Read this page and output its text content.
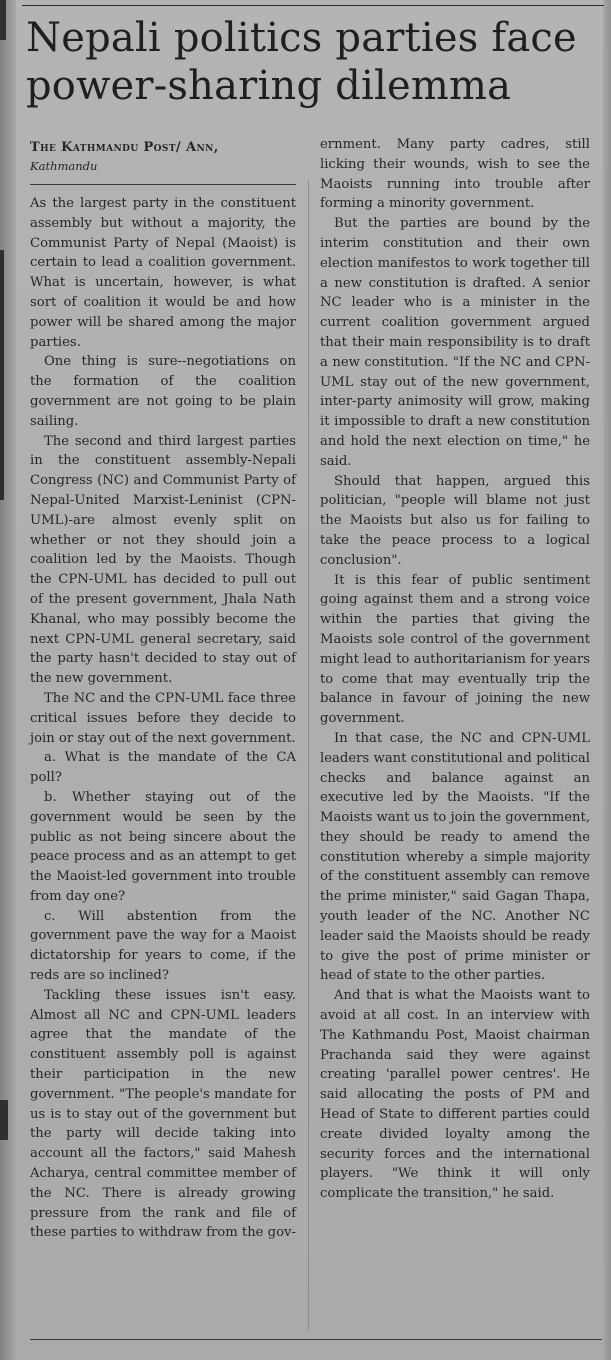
Nepali politics parties face
power-sharing dilemma
The Kathmandu Post/ Ann,
Kathmandu

As the largest party in the constituent assembly but without a majority, the Communist Party of Nepal (Maoist) is certain to lead a coalition government. What is uncertain, however, is what sort of coalition it would be and how power will be shared among the major parties.

One thing is sure--negotiations on the formation of the coalition government are not going to be plain sailing.

The second and third largest parties in the constituent assembly-Nepali Congress (NC) and Communist Party of Nepal-United Marxist-Leninist (CPN-UML)-are almost evenly split on whether or not they should join a coalition led by the Maoists. Though the CPN-UML has decided to pull out of the present government, Jhala Nath Khanal, who may possibly become the next CPN-UML general secretary, said the party hasn't decided to stay out of the new government.

The NC and the CPN-UML face three critical issues before they decide to join or stay out of the next government.

a. What is the mandate of the CA poll?

b. Whether staying out of the government would be seen by the public as not being sincere about the peace process and as an attempt to get the Maoist-led government into trouble from day one?

c. Will abstention from the government pave the way for a Maoist dictatorship for years to come, if the reds are so inclined?

Tackling these issues isn't easy. Almost all NC and CPN-UML leaders agree that the mandate of the constituent assembly poll is against their participation in the new government. "The people's mandate for us is to stay out of the government but the party will decide taking into account all the factors," said Mahesh Acharya, central committee member of the NC. There is already growing pressure from the rank and file of these parties to withdraw from the gov-

ernment. Many party cadres, still licking their wounds, wish to see the Maoists running into trouble after forming a minority government.

But the parties are bound by the interim constitution and their own election manifestos to work together till a new constitution is drafted. A senior NC leader who is a minister in the current coalition government argued that their main responsibility is to draft a new constitution. "If the NC and CPN-UML stay out of the new government, inter-party animosity will grow, making it impossible to draft a new constitution and hold the next election on time," he said.

Should that happen, argued this politician, "people will blame not just the Maoists but also us for failing to take the peace process to a logical conclusion".

It is this fear of public sentiment going against them and a strong voice within the parties that giving the Maoists sole control of the government might lead to authoritarianism for years to come that may eventually trip the balance in favour of joining the new government.

In that case, the NC and CPN-UML leaders want constitutional and political checks and balance against an executive led by the Maoists. "If the Maoists want us to join the government, they should be ready to amend the constitution whereby a simple majority of the constituent assembly can remove the prime minister," said Gagan Thapa, youth leader of the NC. Another NC leader said the Maoists should be ready to give the post of prime minister or head of state to the other parties.

And that is what the Maoists want to avoid at all cost. In an interview with The Kathmandu Post, Maoist chairman Prachanda said they were against creating 'parallel power centres'. He said allocating the posts of PM and Head of State to different parties could create divided loyalty among the security forces and the international players. "We think it will only complicate the transition," he said.
